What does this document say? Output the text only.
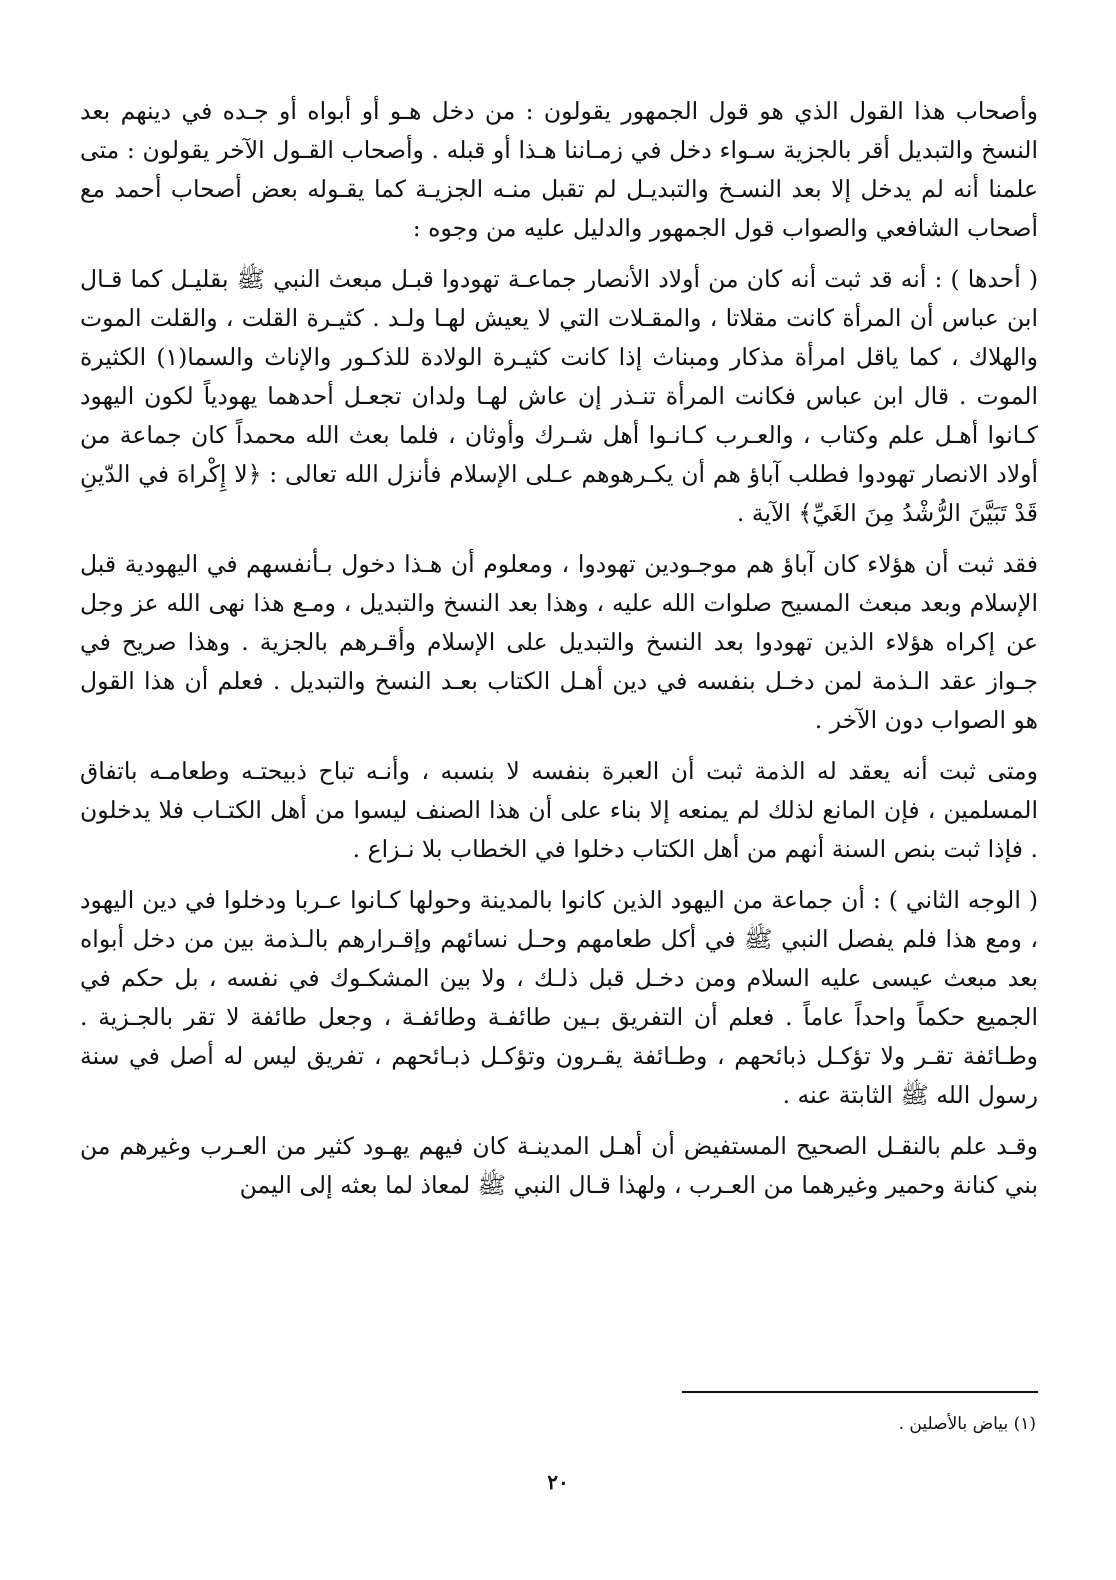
وأصحاب هذا القول الذي هو قول الجمهور يقولون : من دخل هـو أو أبواه أو جـده في دينهم بعد النسخ والتبديل أقر بالجزية سـواء دخل في زمـاننا هـذا أو قبله . وأصحاب القـول الآخر يقولون : متى علمنا أنه لم يدخل إلا بعد النسـخ والتبديـل لم تقبل منـه الجزيـة كما يقـوله بعض أصحاب أحمد مع أصحاب الشافعي والصواب قول الجمهور والدليل عليه من وجوه :

( أحدها ) : أنه قد ثبت أنه كان من أولاد الأنصار جماعـة تهودوا قبـل مبعث النبي ﷺ بقليـل كما قـال ابن عباس أن المرأة كانت مقلاتا ، والمقـلات التي لا يعيش لهـا ولـد . كثيـرة القلت ، والقلت الموت والهلاك ، كما ياقل امرأة مذكار ومبناث إذا كانت كثيـرة الولادة للذكـور والإناث والسما(١) الكثيرة الموت . قال ابن عباس فكانت المرأة تنـذر إن عاش لهـا ولدان تجعـل أحدهما يهودياً لكون اليهود كـانوا أهـل علم وكتاب ، والعـرب كـانـوا أهل شـرك وأوثان ، فلما بعث الله محمداً كان جماعة من أولاد الانصار تهودوا فطلب آباؤ هم أن يكـرهوهم عـلى الإسلام فأنزل الله تعالى : ﴿لا إِكْراهَ في الدّينِ قَدْ تَبَيَّنَ الرُّشْدُ مِنَ الغَيِّ﴾ الآية .

فقد ثبت أن هؤلاء كان آباؤ هم موجـودين تهودوا ، ومعلوم أن هـذا دخول بـأنفسهم في اليهودية قبل الإسلام وبعد مبعث المسيح صلوات الله عليه ، وهذا بعد النسخ والتبديل ، ومـع هذا نهى الله عز وجل عن إكراه هؤلاء الذين تهودوا بعد النسخ والتبديل على الإسلام وأقـرهم بالجزية . وهذا صريح في جـواز عقد الـذمة لمن دخـل بنفسه في دين أهـل الكتاب بعـد النسخ والتبديل . فعلم أن هذا القول هو الصواب دون الآخر .

ومتى ثبت أنه يعقد له الذمة ثبت أن العبرة بنفسه لا بنسبه ، وأنـه تباح ذبيحتـه وطعامـه باتفاق المسلمين ، فإن المانع لذلك لم يمنعه إلا بناء على أن هذا الصنف ليسوا من أهل الكتـاب فلا يدخلون . فإذا ثبت بنص السنة أنهم من أهل الكتاب دخلوا في الخطاب بلا نـزاع .

( الوجه الثاني ) : أن جماعة من اليهود الذين كانوا بالمدينة وحولها كـانوا عـربا ودخلوا في دين اليهود ، ومع هذا فلم يفصل النبي ﷺ في أكل طعامهم وحـل نسائهم وإقـرارهم بالـذمة بين من دخل أبواه بعد مبعث عيسى عليه السلام ومن دخـل قبل ذلـك ، ولا بين المشكـوك في نفسه ، بل حكم في الجميع حكماً واحداً عاماً . فعلم أن التفريق بـين طائفـة وطائفـة ، وجعل طائفة لا تقر بالجـزية . وطـائفة تقـر ولا تؤكـل ذبائحهم ، وطـائفة يقـرون وتؤكـل ذبـائحهم ، تفريق ليس له أصل في سنة رسول الله ﷺ الثابتة عنه .

وقـد علم بالنقـل الصحيح المستفيض أن أهـل المدينـة كان فيهم يهـود كثير من العـرب وغيرهم من بني كنانة وحمير وغيرهما من العـرب ، ولهذا قـال النبي ﷺ لمعاذ لما بعثه إلى اليمن

(١) بياض بالأصلين .
٢٠
